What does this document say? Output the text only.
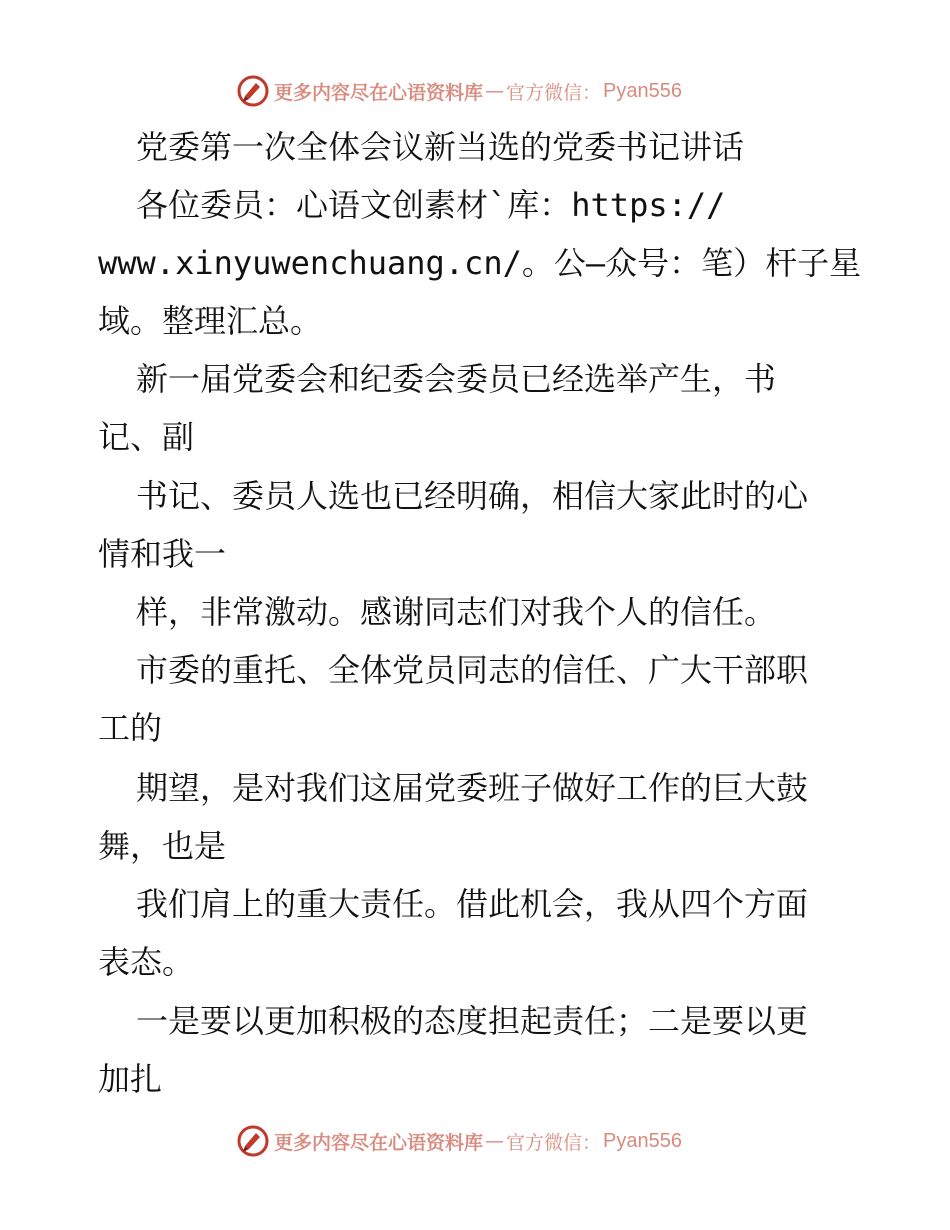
更多内容尽在心语资料库 — 官方微信： Pyan556
党委第一次全体会议新当选的党委书记讲话
各位委员：心语文创素材`库：https://
www.xinyuwenchuang.cn/。公—众号：笔）杆子星
域。整理汇总。
新一届党委会和纪委会委员已经选举产生，书
记、副
书记、委员人选也已经明确，相信大家此时的心
情和我一
样，非常激动。感谢同志们对我个人的信任。
市委的重托、全体党员同志的信任、广大干部职
工的
期望，是对我们这届党委班子做好工作的巨大鼓
舞，也是
我们肩上的重大责任。借此机会，我从四个方面
表态。
一是要以更加积极的态度担起责任；二是要以更
加扎
更多内容尽在心语资料库 — 官方微信： Pyan556
